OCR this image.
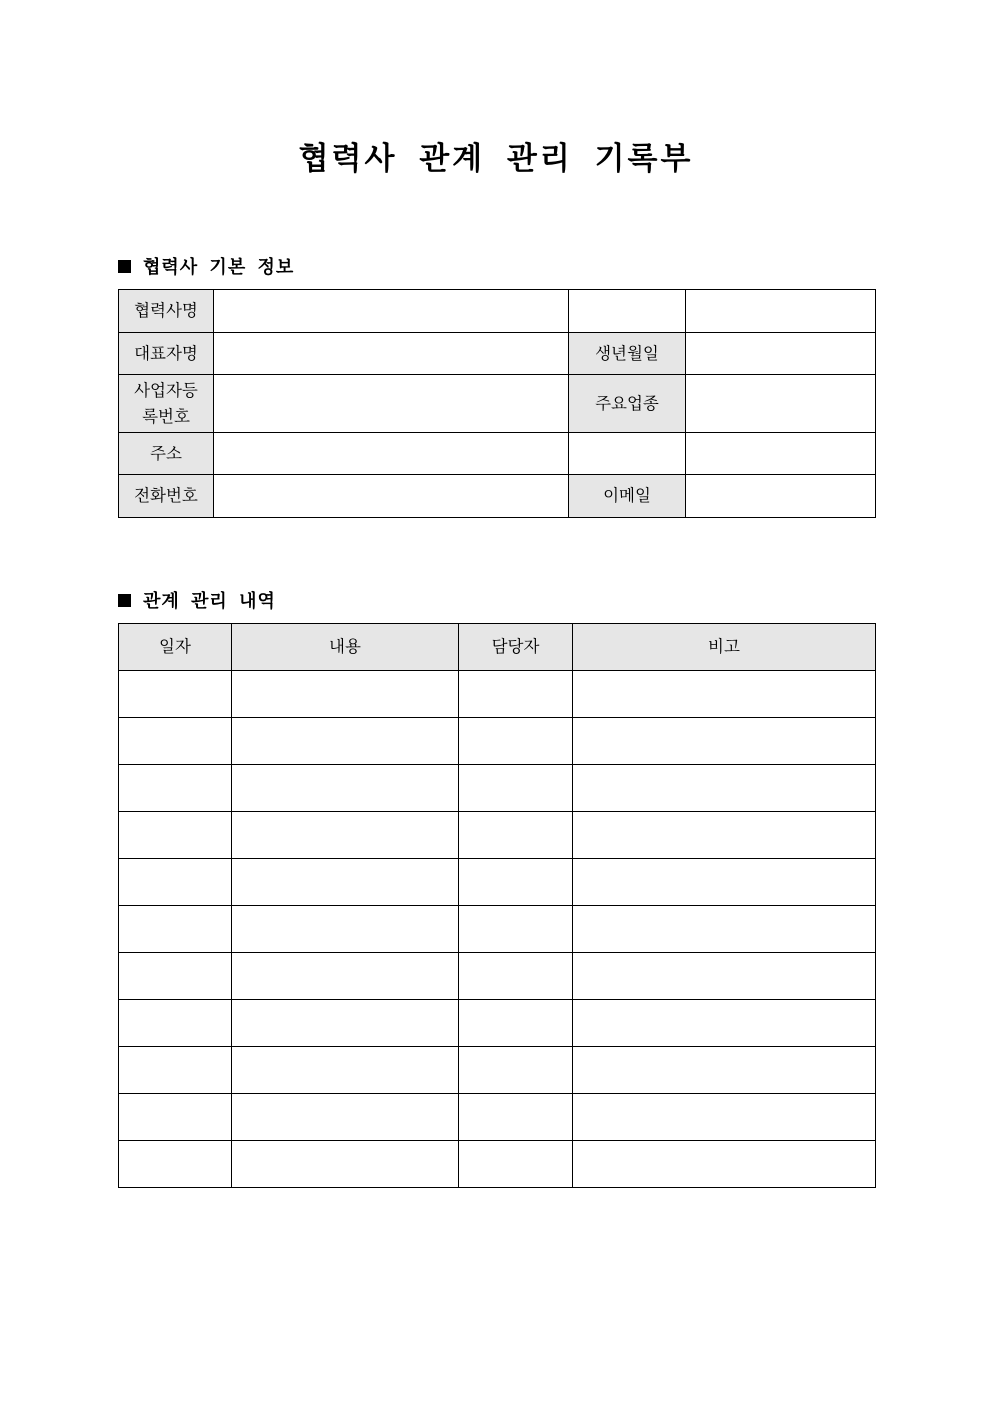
협력사 관계 관리 기록부
협력사 기본 정보
협력사명			
대표자명		생년월일	
사업자등
록번호		주요업종	
주소			
전화번호		이메일	
관계 관리 내역
일자	내용	담당자	비고
